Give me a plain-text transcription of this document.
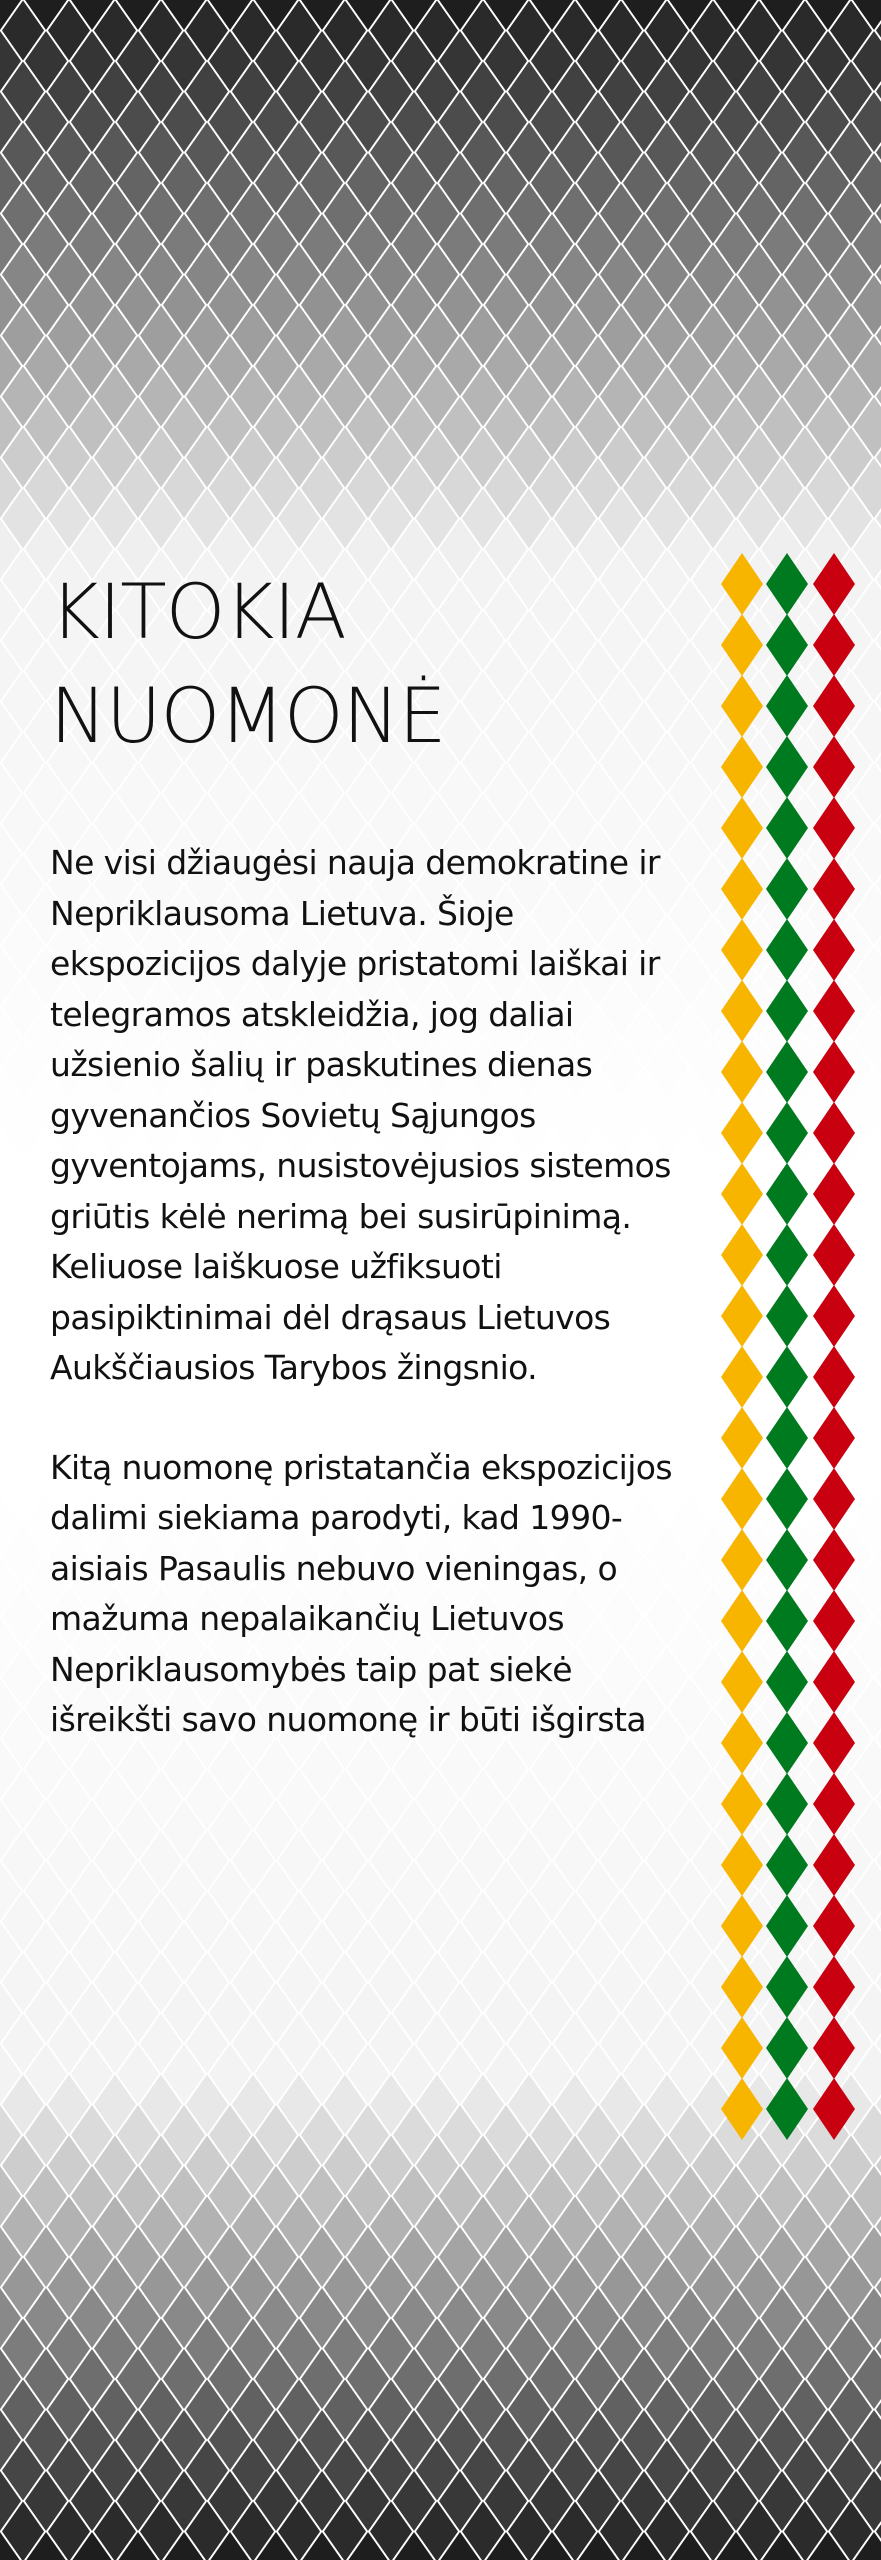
KITOKIA
NUOMONĖ

Ne visi džiaugėsi nauja demokratine ir Nepriklausoma Lietuva. Šioje ekspozicijos dalyje pristatomi laiškai ir telegramos atskleidžia, jog daliai užsienio šalių ir paskutines dienas gyvenančios Sovietų Sąjungos gyventojams, nusistovėjusios sistemos griūtis kėlė nerimą bei susirūpinimą. Keliuose laiškuose užfiksuoti pasipiktinimai dėl drąsaus Lietuvos Aukščiausios Tarybos žingsnio.

Kitą nuomonę pristatančia ekspozicijos dalimi siekiama parodyti, kad 1990-aisiais Pasaulis nebuvo vieningas, o mažuma nepalaikančių Lietuvos Nepriklausomybės taip pat siekė išreikšti savo nuomonę ir būti išgirsta
